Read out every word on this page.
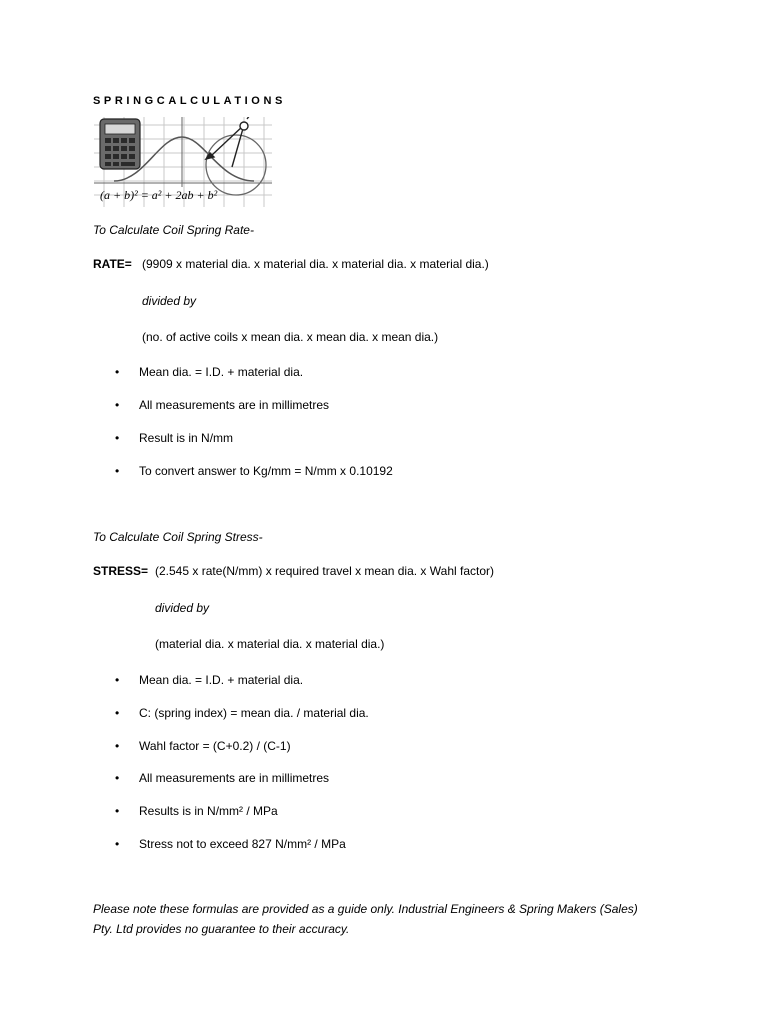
SPRINGCALCULATIONS
(a + b)² = a² + 2ab + b²
To Calculate Coil Spring Rate-
RATE= (9909 x material dia. x material dia. x material dia. x material dia.)
divided by
(no. of active coils x mean dia. x mean dia. x mean dia.)
• Mean dia. = I.D. + material dia.
• All measurements are in millimetres
• Result is in N/mm
• To convert answer to Kg/mm = N/mm x 0.10192
To Calculate Coil Spring Stress-
STRESS= (2.545 x rate(N/mm) x required travel x mean dia. x Wahl factor)
divided by
(material dia. x material dia. x material dia.)
• Mean dia. = I.D. + material dia.
• C: (spring index) = mean dia. / material dia.
• Wahl factor = (C+0.2) / (C-1)
• All measurements are in millimetres
• Results is in N/mm² / MPa
• Stress not to exceed 827 N/mm² / MPa
Please note these formulas are provided as a guide only. Industrial Engineers & Spring Makers (Sales)
Pty. Ltd provides no guarantee to their accuracy.
